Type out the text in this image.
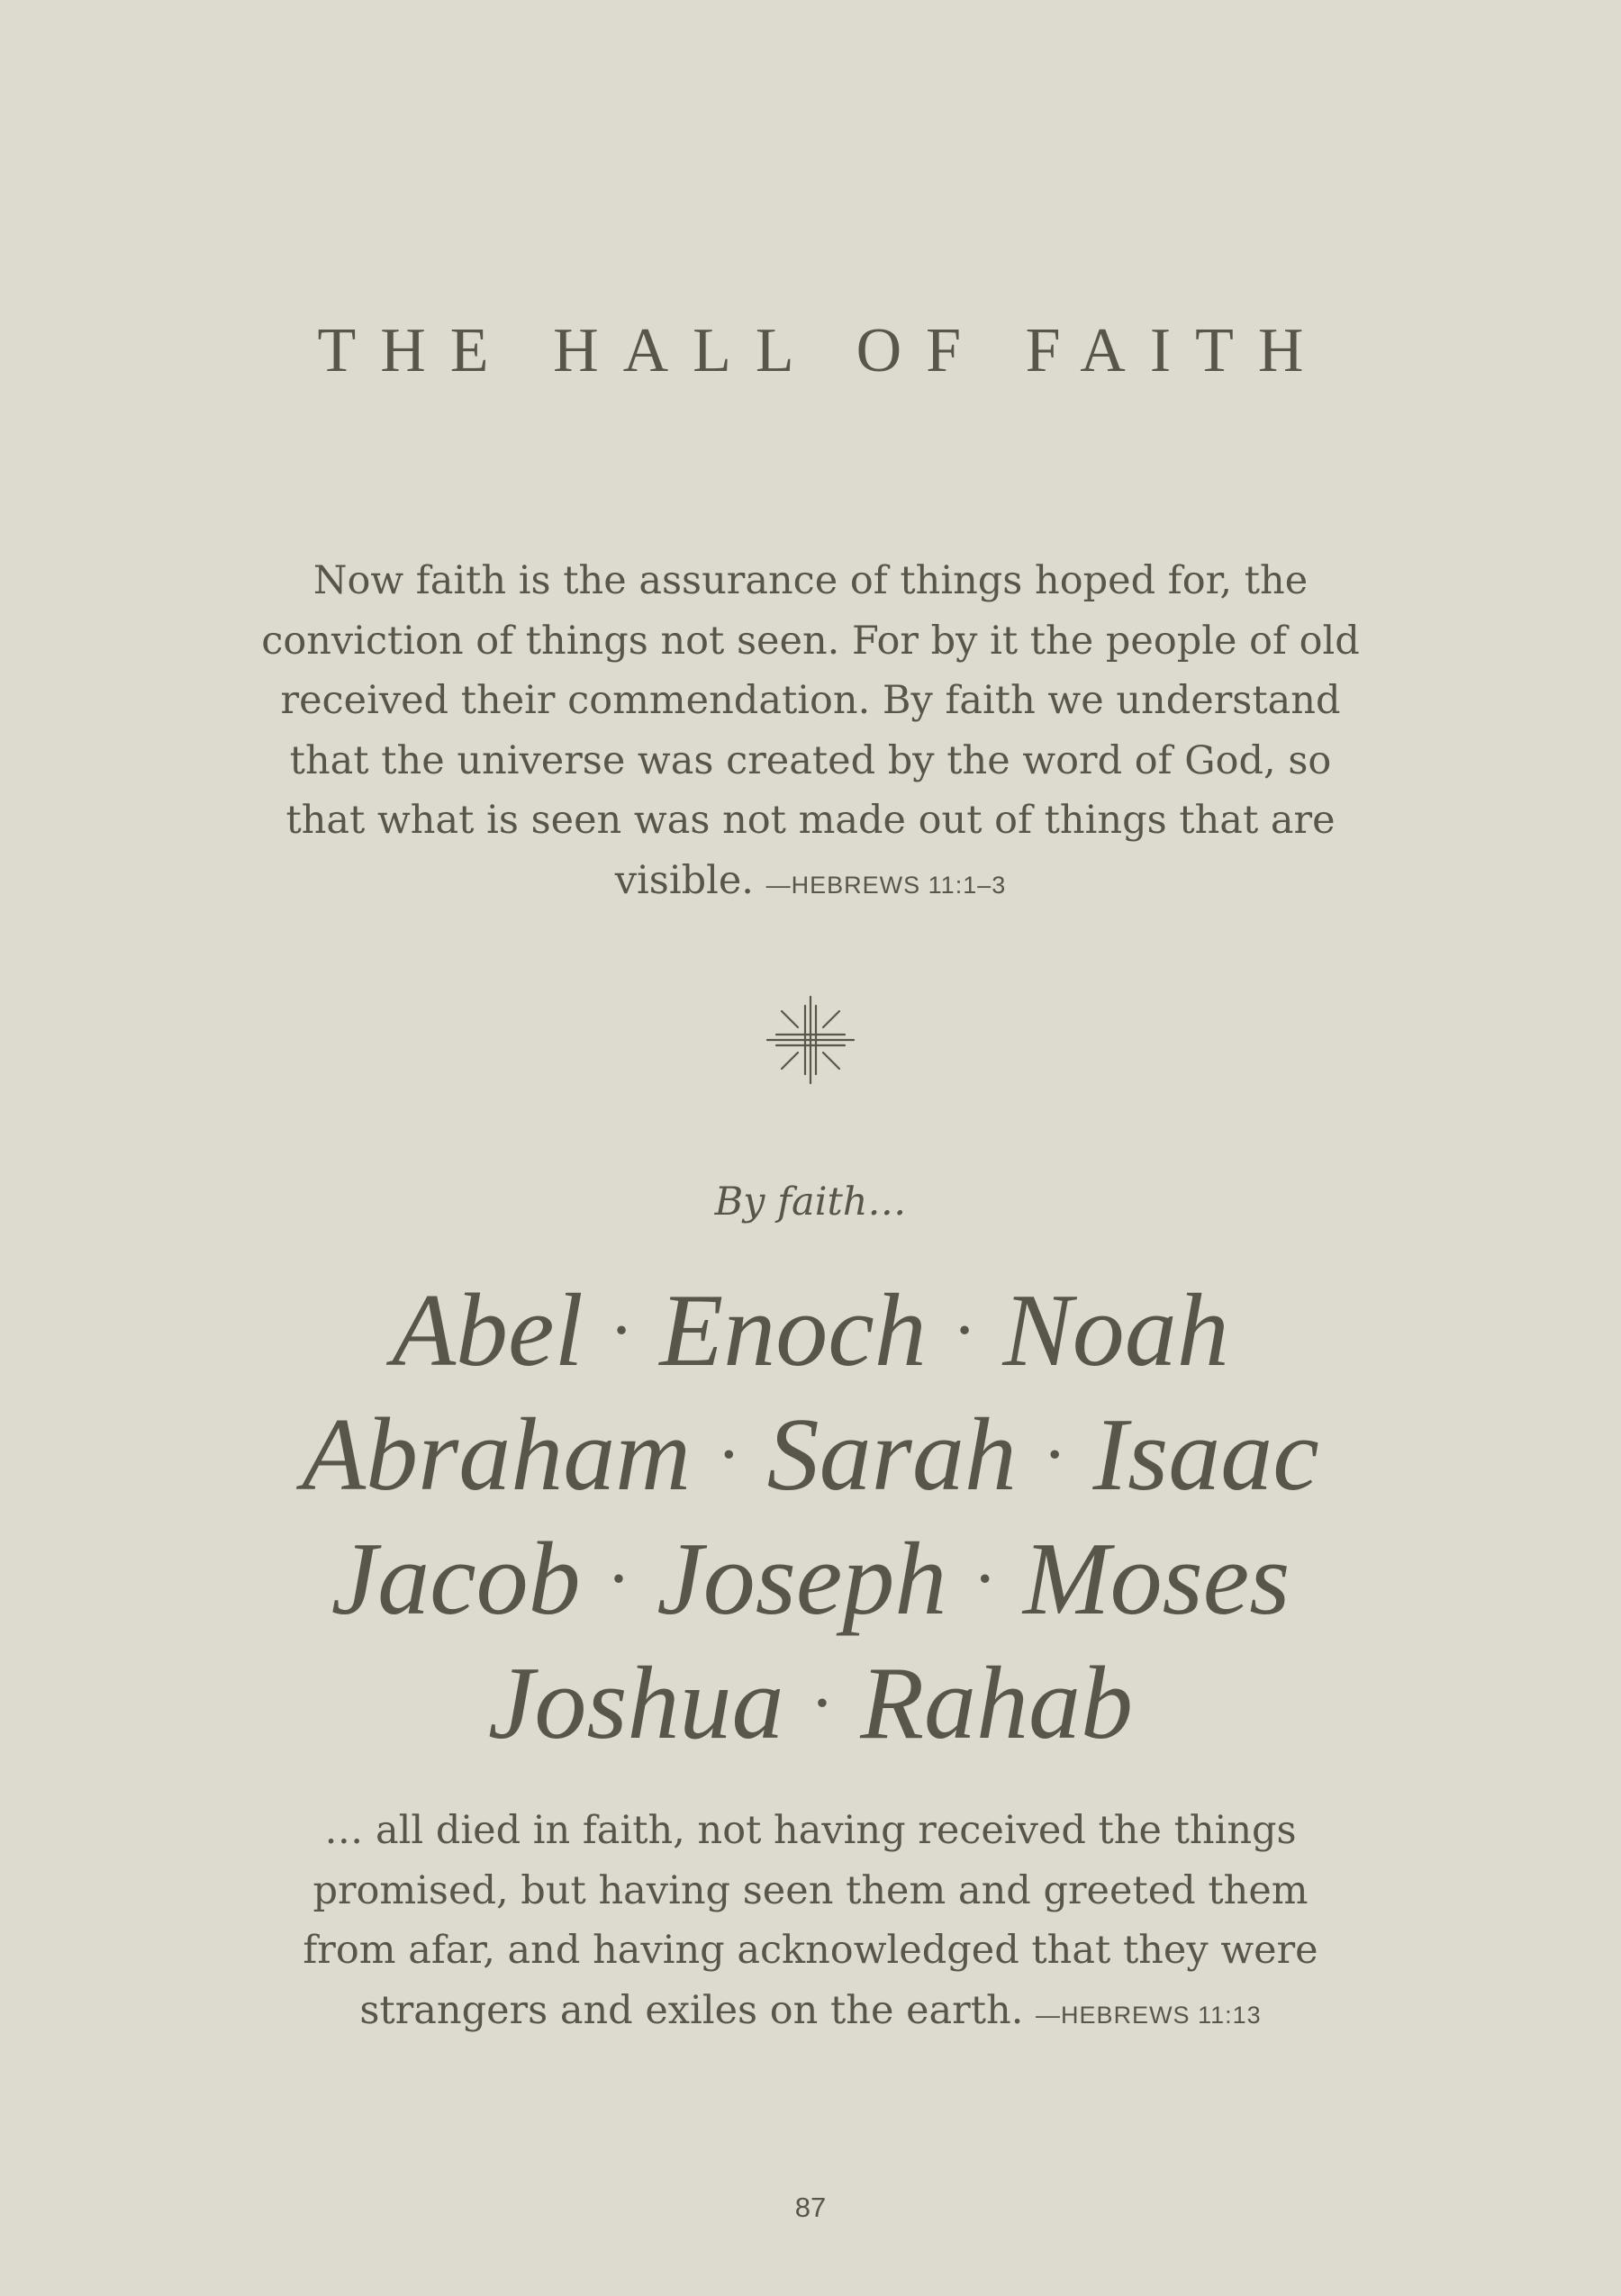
THE HALL OF FAITH
Now faith is the assurance of things hoped for, the conviction of things not seen. For by it the people of old received their commendation. By faith we understand that the universe was created by the word of God, so that what is seen was not made out of things that are visible. —HEBREWS 11:1–3
By faith…
Abel · Enoch · Noah
Abraham · Sarah · Isaac
Jacob · Joseph · Moses
Joshua · Rahab
… all died in faith, not having received the things promised, but having seen them and greeted them from afar, and having acknowledged that they were strangers and exiles on the earth. —HEBREWS 11:13
87
